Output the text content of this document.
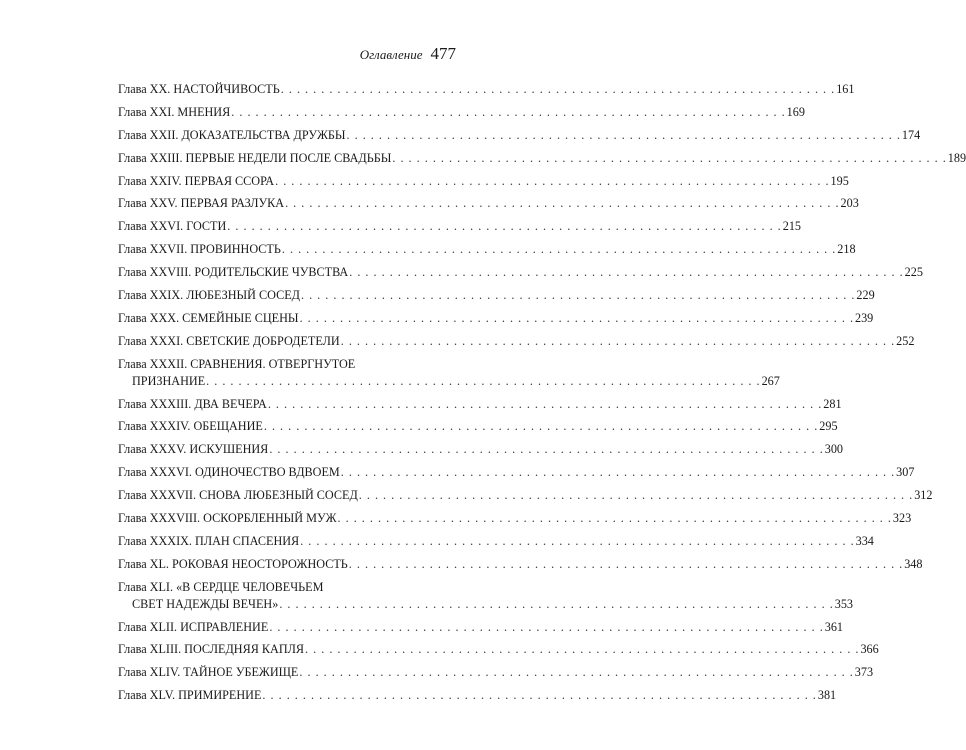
Оглавление 477
Глава XX. НАСТОЙЧИВОСТЬ . . . . . . . . . . . . . . . . . . . . . . . . . . . . . . . . . . . . . . . . . . . . . . . . . . . . . . . . . . . . . . . . . . . . . 161
Глава XXI. МНЕНИЯ . . . . . . . . . . . . . . . . . . . . . . . . . . . . . . . . . . . . . . . . . . . . . . . . . . . . . . . . . . . . . . . . . . . . . 169
Глава XXII. ДОКАЗАТЕЛЬСТВА ДРУЖБЫ . . . . . . . . . . . . . . . . . . . . . . . . . . . . . . . . . . . . . . . . . . . . . . . . . . . . . . . . . . . . . . . . . . . . . 174
Глава XXIII. ПЕРВЫЕ НЕДЕЛИ ПОСЛЕ СВАДЬБЫ . . . . . . . . . . . . . . . . . . . . . . . . . . . . . . . . . . . . . . . . . . . . . . . . . . . . . . . . . . . . . . . . . . . . . 189
Глава XXIV. ПЕРВАЯ ССОРА . . . . . . . . . . . . . . . . . . . . . . . . . . . . . . . . . . . . . . . . . . . . . . . . . . . . . . . . . . . . . . . . . . . . . 195
Глава XXV. ПЕРВАЯ РАЗЛУКА . . . . . . . . . . . . . . . . . . . . . . . . . . . . . . . . . . . . . . . . . . . . . . . . . . . . . . . . . . . . . . . . . . . . . 203
Глава XXVI. ГОСТИ . . . . . . . . . . . . . . . . . . . . . . . . . . . . . . . . . . . . . . . . . . . . . . . . . . . . . . . . . . . . . . . . . . . . . 215
Глава XXVII. ПРОВИННОСТЬ . . . . . . . . . . . . . . . . . . . . . . . . . . . . . . . . . . . . . . . . . . . . . . . . . . . . . . . . . . . . . . . . . . . . . 218
Глава XXVIII. РОДИТЕЛЬСКИЕ ЧУВСТВА . . . . . . . . . . . . . . . . . . . . . . . . . . . . . . . . . . . . . . . . . . . . . . . . . . . . . . . . . . . . . . . . . . . . . 225
Глава XXIX. ЛЮБЕЗНЫЙ СОСЕД . . . . . . . . . . . . . . . . . . . . . . . . . . . . . . . . . . . . . . . . . . . . . . . . . . . . . . . . . . . . . . . . . . . . . 229
Глава XXX. СЕМЕЙНЫЕ СЦЕНЫ . . . . . . . . . . . . . . . . . . . . . . . . . . . . . . . . . . . . . . . . . . . . . . . . . . . . . . . . . . . . . . . . . . . . . 239
Глава XXXI. СВЕТСКИЕ ДОБРОДЕТЕЛИ . . . . . . . . . . . . . . . . . . . . . . . . . . . . . . . . . . . . . . . . . . . . . . . . . . . . . . . . . . . . . . . . . . . . . 252
Глава XXXII. СРАВНЕНИЯ. ОТВЕРГНУТОЕ
ПРИЗНАНИЕ . . . . . . . . . . . . . . . . . . . . . . . . . . . . . . . . . . . . . . . . . . . . . . . . . . . . . . . . . . . . . . . . . . . . . 267
Глава XXXIII. ДВА ВЕЧЕРА . . . . . . . . . . . . . . . . . . . . . . . . . . . . . . . . . . . . . . . . . . . . . . . . . . . . . . . . . . . . . . . . . . . . . 281
Глава XXXIV. ОБЕЩАНИЕ . . . . . . . . . . . . . . . . . . . . . . . . . . . . . . . . . . . . . . . . . . . . . . . . . . . . . . . . . . . . . . . . . . . . . 295
Глава XXXV. ИСКУШЕНИЯ . . . . . . . . . . . . . . . . . . . . . . . . . . . . . . . . . . . . . . . . . . . . . . . . . . . . . . . . . . . . . . . . . . . . . 300
Глава XXXVI. ОДИНОЧЕСТВО ВДВОЕМ . . . . . . . . . . . . . . . . . . . . . . . . . . . . . . . . . . . . . . . . . . . . . . . . . . . . . . . . . . . . . . . . . . . . . 307
Глава XXXVII. СНОВА ЛЮБЕЗНЫЙ СОСЕД . . . . . . . . . . . . . . . . . . . . . . . . . . . . . . . . . . . . . . . . . . . . . . . . . . . . . . . . . . . . . . . . . . . . . 312
Глава XXXVIII. ОСКОРБЛЕННЫЙ МУЖ . . . . . . . . . . . . . . . . . . . . . . . . . . . . . . . . . . . . . . . . . . . . . . . . . . . . . . . . . . . . . . . . . . . . . 323
Глава XXXIX. ПЛАН СПАСЕНИЯ . . . . . . . . . . . . . . . . . . . . . . . . . . . . . . . . . . . . . . . . . . . . . . . . . . . . . . . . . . . . . . . . . . . . . 334
Глава XL. РОКОВАЯ НЕОСТОРОЖНОСТЬ . . . . . . . . . . . . . . . . . . . . . . . . . . . . . . . . . . . . . . . . . . . . . . . . . . . . . . . . . . . . . . . . . . . . . 348
Глава XLI. «В СЕРДЦЕ ЧЕЛОВЕЧЬЕМ
СВЕТ НАДЕЖДЫ ВЕЧЕН» . . . . . . . . . . . . . . . . . . . . . . . . . . . . . . . . . . . . . . . . . . . . . . . . . . . . . . . . . . . . . . . . . . . . . 353
Глава XLII. ИСПРАВЛЕНИЕ . . . . . . . . . . . . . . . . . . . . . . . . . . . . . . . . . . . . . . . . . . . . . . . . . . . . . . . . . . . . . . . . . . . . . 361
Глава XLIII. ПОСЛЕДНЯЯ КАПЛЯ . . . . . . . . . . . . . . . . . . . . . . . . . . . . . . . . . . . . . . . . . . . . . . . . . . . . . . . . . . . . . . . . . . . . . 366
Глава XLIV. ТАЙНОЕ УБЕЖИЩЕ . . . . . . . . . . . . . . . . . . . . . . . . . . . . . . . . . . . . . . . . . . . . . . . . . . . . . . . . . . . . . . . . . . . . . 373
Глава XLV. ПРИМИРЕНИЕ . . . . . . . . . . . . . . . . . . . . . . . . . . . . . . . . . . . . . . . . . . . . . . . . . . . . . . . . . . . . . . . . . . . . . 381
